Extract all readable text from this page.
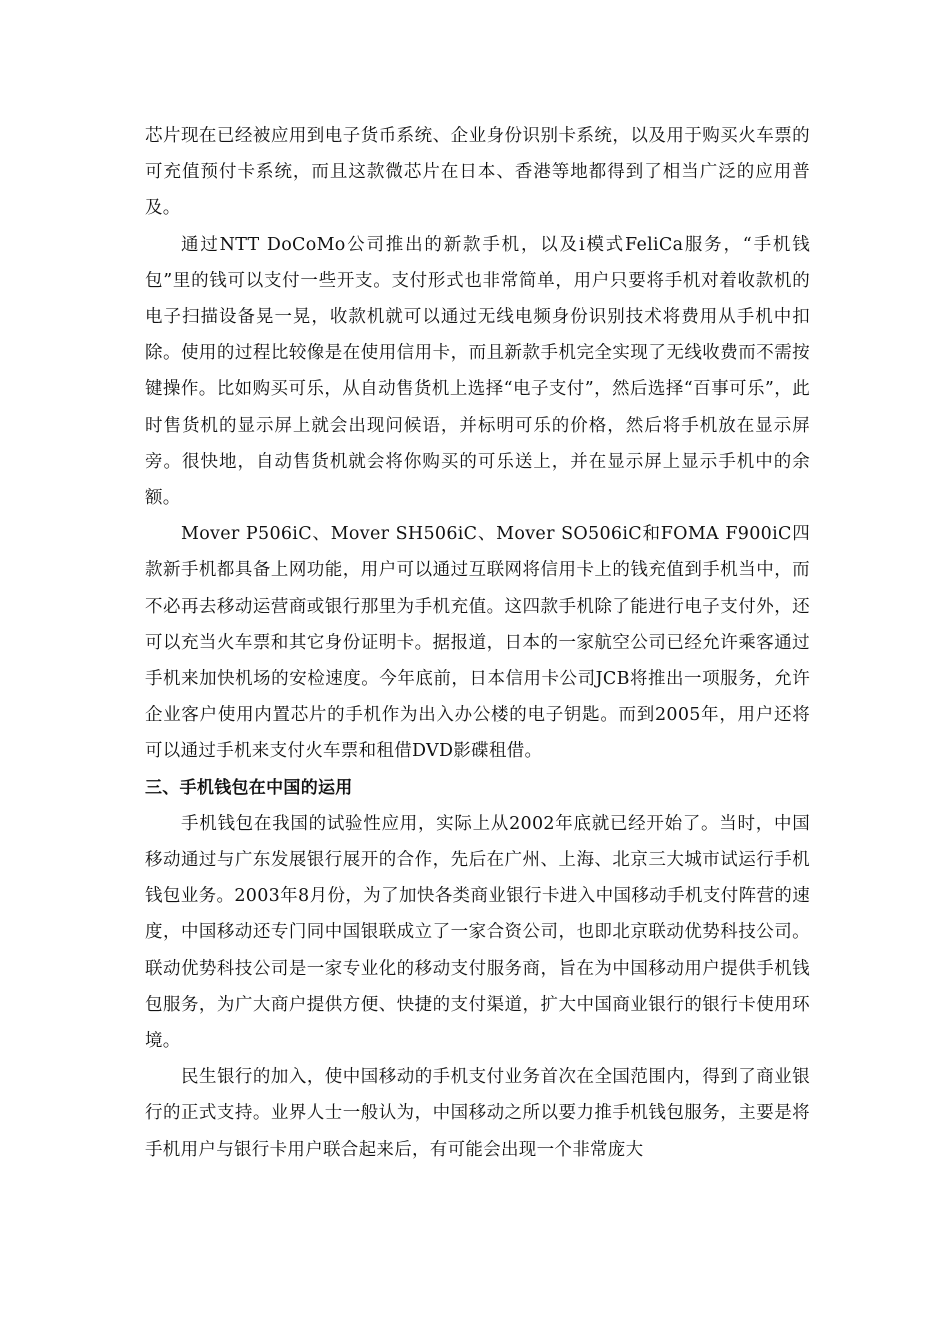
芯片现在已经被应用到电子货币系统、企业身份识别卡系统，以及用于购买火车票的可充值预付卡系统，而且这款微芯片在日本、香港等地都得到了相当广泛的应用普及。

通过NTT DoCoMo公司推出的新款手机，以及i模式FeliCa服务，“手机钱包”里的钱可以支付一些开支。支付形式也非常简单，用户只要将手机对着收款机的电子扫描设备晃一晃，收款机就可以通过无线电频身份识别技术将费用从手机中扣除。使用的过程比较像是在使用信用卡，而且新款手机完全实现了无线收费而不需按键操作。比如购买可乐，从自动售货机上选择“电子支付”，然后选择“百事可乐”，此时售货机的显示屏上就会出现问候语，并标明可乐的价格，然后将手机放在显示屏旁。很快地，自动售货机就会将你购买的可乐送上，并在显示屏上显示手机中的余额。

Mover P506iC、Mover SH506iC、Mover SO506iC和FOMA F900iC四款新手机都具备上网功能，用户可以通过互联网将信用卡上的钱充值到手机当中，而不必再去移动运营商或银行那里为手机充值。这四款手机除了能进行电子支付外，还可以充当火车票和其它身份证明卡。据报道，日本的一家航空公司已经允许乘客通过手机来加快机场的安检速度。今年底前，日本信用卡公司JCB将推出一项服务，允许企业客户使用内置芯片的手机作为出入办公楼的电子钥匙。而到2005年，用户还将可以通过手机来支付火车票和租借DVD影碟租借。

三、手机钱包在中国的运用

手机钱包在我国的试验性应用，实际上从2002年底就已经开始了。当时，中国移动通过与广东发展银行展开的合作，先后在广州、上海、北京三大城市试运行手机钱包业务。2003年8月份，为了加快各类商业银行卡进入中国移动手机支付阵营的速度，中国移动还专门同中国银联成立了一家合资公司，也即北京联动优势科技公司。联动优势科技公司是一家专业化的移动支付服务商，旨在为中国移动用户提供手机钱包服务，为广大商户提供方便、快捷的支付渠道，扩大中国商业银行的银行卡使用环境。

民生银行的加入，使中国移动的手机支付业务首次在全国范围内，得到了商业银行的正式支持。业界人士一般认为，中国移动之所以要力推手机钱包服务，主要是将手机用户与银行卡用户联合起来后，有可能会出现一个非常庞大
